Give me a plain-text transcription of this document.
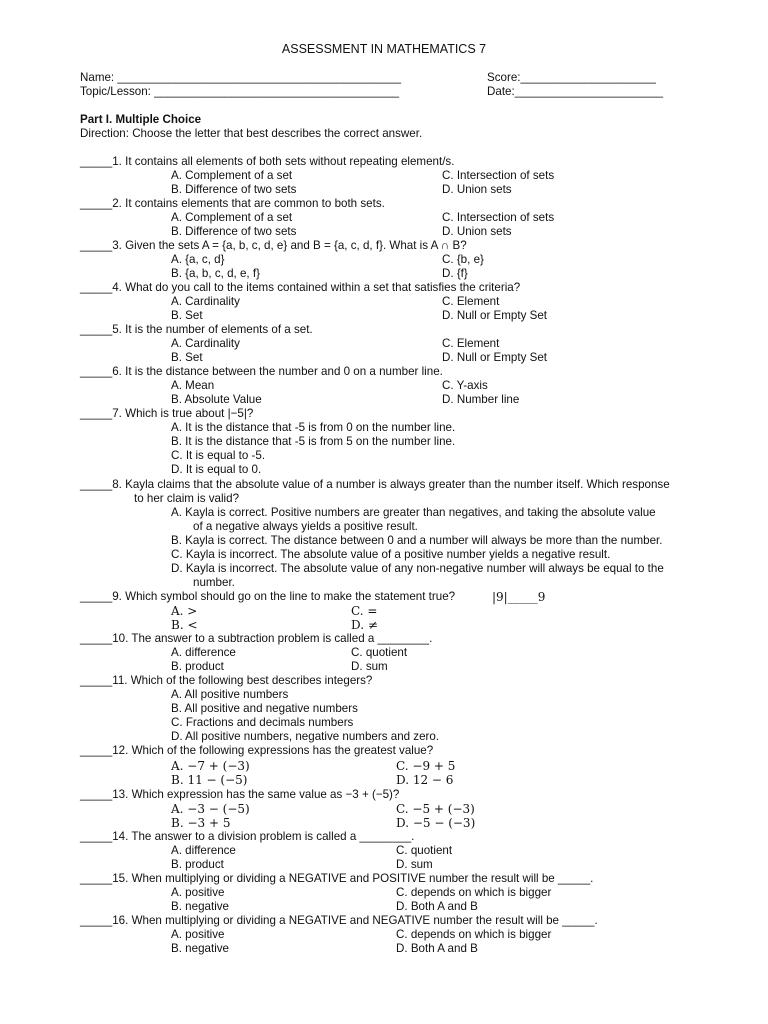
ASSESSMENT IN MATHEMATICS 7
Name: ____________________________________________
Topic/Lesson: ______________________________________
Score:_____________________
Date:_______________________
Part I. Multiple Choice
Direction: Choose the letter that best describes the correct answer.
_____1. It contains all elements of both sets without repeating element/s.
A. Complement of a set
B. Difference of two sets
C. Intersection of sets
D. Union sets
_____2. It contains elements that are common to both sets.
A. Complement of a set
B. Difference of two sets
C. Intersection of sets
D. Union sets
_____3. Given the sets A = {a, b, c, d, e} and B = {a, c, d, f}. What is A ∩ B?
A. {a, c, d}
B. {a, b, c, d, e, f}
C. {b, e}
D. {f}
_____4. What do you call to the items contained within a set that satisfies the criteria?
A. Cardinality
B. Set
C. Element
D. Null or Empty Set
_____5. It is the number of elements of a set.
A. Cardinality
B. Set
C. Element
D. Null or Empty Set
_____6. It is the distance between the number and 0 on a number line.
A. Mean
B. Absolute Value
C. Y-axis
D. Number line
_____7. Which is true about |−5|?
A. It is the distance that -5 is from 0 on the number line.
B. It is the distance that -5 is from 5 on the number line.
C. It is equal to -5.
D. It is equal to 0.
_____8. Kayla claims that the absolute value of a number is always greater than the number itself. Which response
to her claim is valid?
A. Kayla is correct. Positive numbers are greater than negatives, and taking the absolute value
of a negative always yields a positive result.
B. Kayla is correct. The distance between 0 and a number will always be more than the number.
C. Kayla is incorrect. The absolute value of a positive number yields a negative result.
D. Kayla is incorrect. The absolute value of any non-negative number will always be equal to the
number.
_____9. Which symbol should go on the line to make the statement true?	|9|_____9
A. >
B. <
C. =
D. ≠
_____10. The answer to a subtraction problem is called a ________.
A. difference
B. product
C. quotient
D. sum
_____11. Which of the following best describes integers?
A. All positive numbers
B. All positive and negative numbers
C. Fractions and decimals numbers
D. All positive numbers, negative numbers and zero.
_____12. Which of the following expressions has the greatest value?
A. −7 + (−3)
B. 11 − (−5)
C. −9 + 5
D. 12 − 6
_____13. Which expression has the same value as −3 + (−5)?
A. −3 − (−5)
B. −3 + 5
C. −5 + (−3)
D. −5 − (−3)
_____14. The answer to a division problem is called a ________.
A. difference
B. product
C. quotient
D. sum
_____15. When multiplying or dividing a NEGATIVE and POSITIVE number the result will be _____.
A. positive
B. negative
C. depends on which is bigger
D. Both A and B
_____16. When multiplying or dividing a NEGATIVE and NEGATIVE number the result will be _____.
A. positive
B. negative
C. depends on which is bigger
D. Both A and B
